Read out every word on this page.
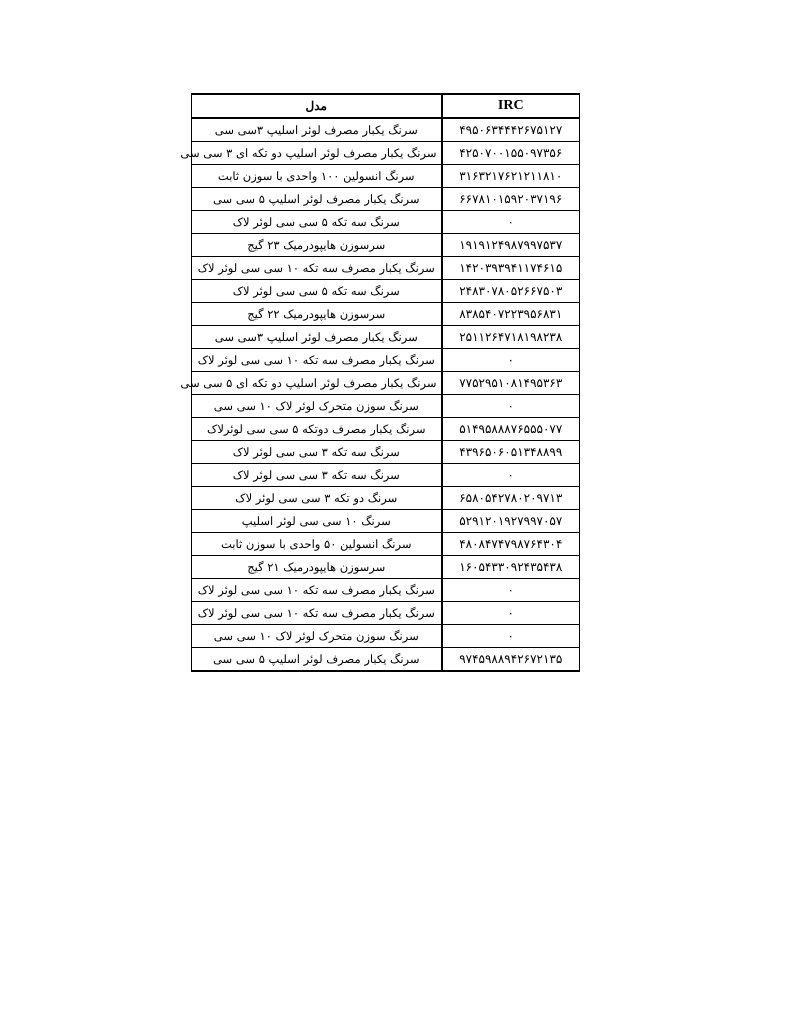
IRC	مدل
۴۹۵۰۶۳۴۴۴۲۶۷۵۱۲۷	سرنگ یکبار مصرف لوئر اسلیپ ۳سی سی
۴۲۵۰۷۰۰۱۵۵۰۹۷۳۵۶	سرنگ یکبار مصرف لوئر اسلیپ دو تکه ای ۳ سی سی
۳۱۶۳۲۱۷۶۲۱۲۱۱۸۱۰	سرنگ انسولین ۱۰۰ واحدی با سوزن ثابت
۶۶۷۸۱۰۱۵۹۲۰۳۷۱۹۶	سرنگ یکبار مصرف لوئر اسلیپ ۵ سی سی
۰	سرنگ سه تکه ۵ سی سی لوئر لاک
۱۹۱۹۱۲۴۹۸۷۹۹۷۵۳۷	سرسوزن هایپودرمیک ۲۳ گیج
۱۴۲۰۳۹۳۹۴۱۱۷۴۶۱۵	سرنگ یکبار مصرف سه تکه ۱۰ سی سی لوئر لاک
۲۴۸۳۰۷۸۰۵۲۶۶۷۵۰۳	سرنگ سه تکه ۵ سی سی لوئر لاک
۸۳۸۵۴۰۷۲۲۳۹۵۶۸۳۱	سرسوزن هایپودرمیک ۲۲ گیج
۲۵۱۱۲۶۴۷۱۸۱۹۸۲۳۸	سرنگ یکبار مصرف لوئر اسلیپ ۳سی سی
۰	سرنگ یکبار مصرف سه تکه ۱۰ سی سی لوئر لاک
۷۷۵۲۹۵۱۰۸۱۴۹۵۳۶۳	سرنگ یکبار مصرف لوئر اسلیپ دو تکه ای ۵ سی سی
۰	سرنگ سوزن متحرک لوئر لاک ۱۰ سی سی
۵۱۴۹۵۸۸۸۷۶۵۵۵۰۷۷	سرنگ یکبار مصرف دوتکه ۵ سی سی لوئرلاک
۴۳۹۶۵۰۶۰۵۱۳۴۸۸۹۹	سرنگ سه تکه ۳ سی سی لوئر لاک
۰	سرنگ سه تکه ۳ سی سی لوئر لاک
۶۵۸۰۵۴۲۷۸۰۲۰۹۷۱۳	سرنگ دو تکه ۳ سی سی لوئر لاک
۵۲۹۱۲۰۱۹۲۷۹۹۷۰۵۷	سرنگ ۱۰ سی سی لوئر اسلیپ
۴۸۰۸۴۷۴۷۹۸۷۶۴۳۰۴	سرنگ انسولین ۵۰ واحدی با سوزن ثابت
۱۶۰۵۴۳۳۰۹۲۴۳۵۴۳۸	سرسوزن هایپودرمیک ۲۱ گیج
۰	سرنگ یکبار مصرف سه تکه ۱۰ سی سی لوئر لاک
۰	سرنگ یکبار مصرف سه تکه ۱۰ سی سی لوئر لاک
۰	سرنگ سوزن متحرک لوئر لاک ۱۰ سی سی
۹۷۴۵۹۸۸۹۴۲۶۷۲۱۳۵	سرنگ یکبار مصرف لوئر اسلیپ ۵ سی سی
